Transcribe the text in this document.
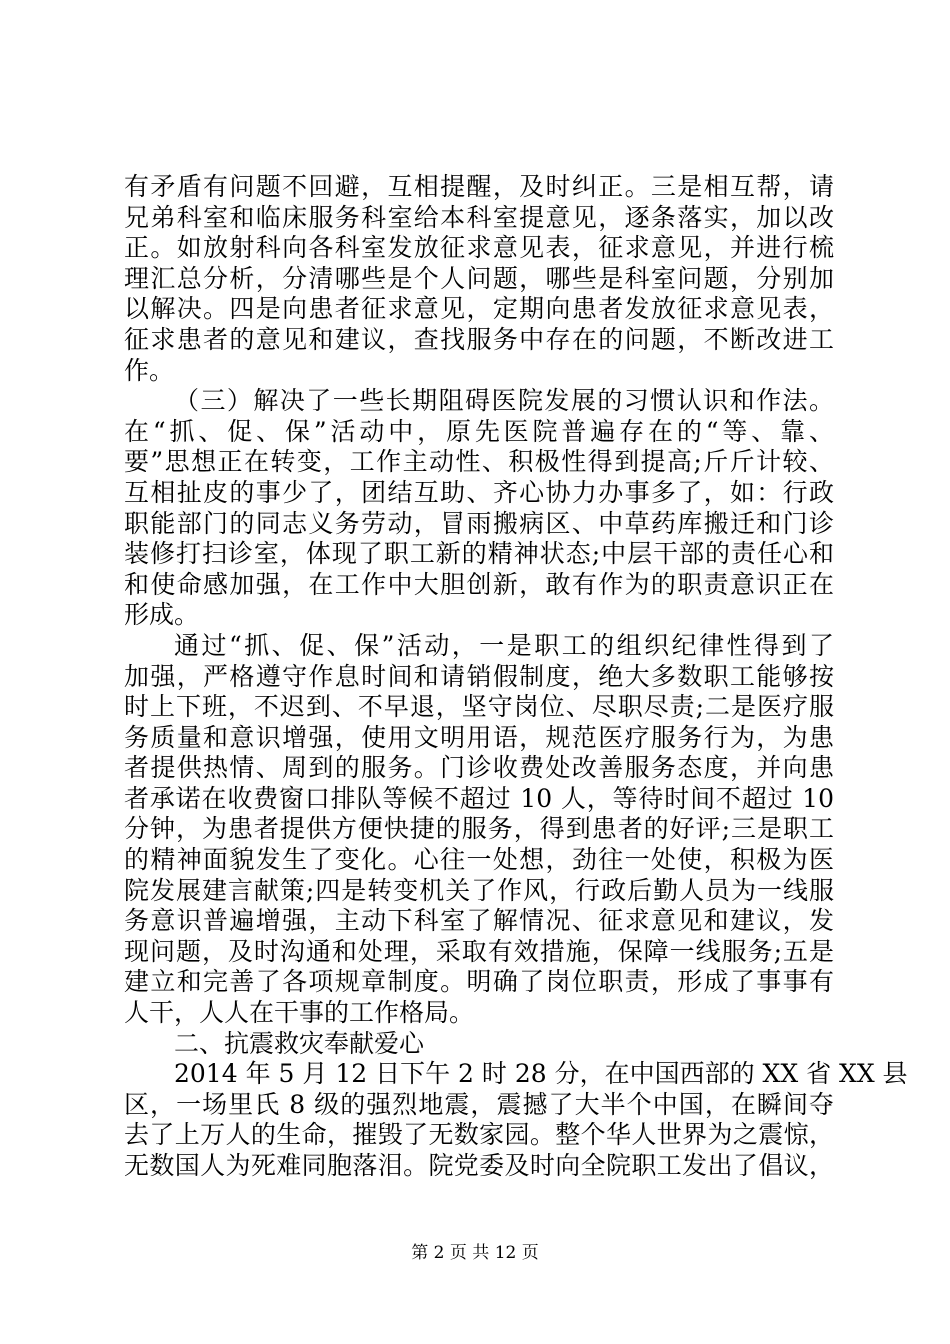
有矛盾有问题不回避，互相提醒，及时纠正。三是相互帮，请
兄弟科室和临床服务科室给本科室提意见，逐条落实，加以改
正。如放射科向各科室发放征求意见表，征求意见，并进行梳
理汇总分析，分清哪些是个人问题，哪些是科室问题，分别加
以解决。四是向患者征求意见，定期向患者发放征求意见表，
征求患者的意见和建议，查找服务中存在的问题，不断改进工
作。
（三）解决了一些长期阻碍医院发展的习惯认识和作法。
在“抓、促、保”活动中，原先医院普遍存在的“等、靠、
要”思想正在转变，工作主动性、积极性得到提高;斤斤计较、
互相扯皮的事少了，团结互助、齐心协力办事多了，如：行政
职能部门的同志义务劳动，冒雨搬病区、中草药库搬迁和门诊
装修打扫诊室，体现了职工新的精神状态;中层干部的责任心和
和使命感加强，在工作中大胆创新，敢有作为的职责意识正在
形成。
通过“抓、促、保”活动，一是职工的组织纪律性得到了
加强，严格遵守作息时间和请销假制度，绝大多数职工能够按
时上下班，不迟到、不早退，坚守岗位、尽职尽责;二是医疗服
务质量和意识增强，使用文明用语，规范医疗服务行为，为患
者提供热情、周到的服务。门诊收费处改善服务态度，并向患
者承诺在收费窗口排队等候不超过 10 人，等待时间不超过 10
分钟，为患者提供方便快捷的服务，得到患者的好评;三是职工
的精神面貌发生了变化。心往一处想，劲往一处使，积极为医
院发展建言献策;四是转变机关了作风，行政后勤人员为一线服
务意识普遍增强，主动下科室了解情况、征求意见和建议，发
现问题，及时沟通和处理，采取有效措施，保障一线服务;五是
建立和完善了各项规章制度。明确了岗位职责，形成了事事有
人干，人人在干事的工作格局。
二、抗震救灾奉献爱心
2014 年 5 月 12 日下午 2 时 28 分，在中国西部的 XX 省 XX 县
区，一场里氏 8 级的强烈地震，震撼了大半个中国，在瞬间夺
去了上万人的生命，摧毁了无数家园。整个华人世界为之震惊，
无数国人为死难同胞落泪。院党委及时向全院职工发出了倡议，
第 2 页 共 12 页
